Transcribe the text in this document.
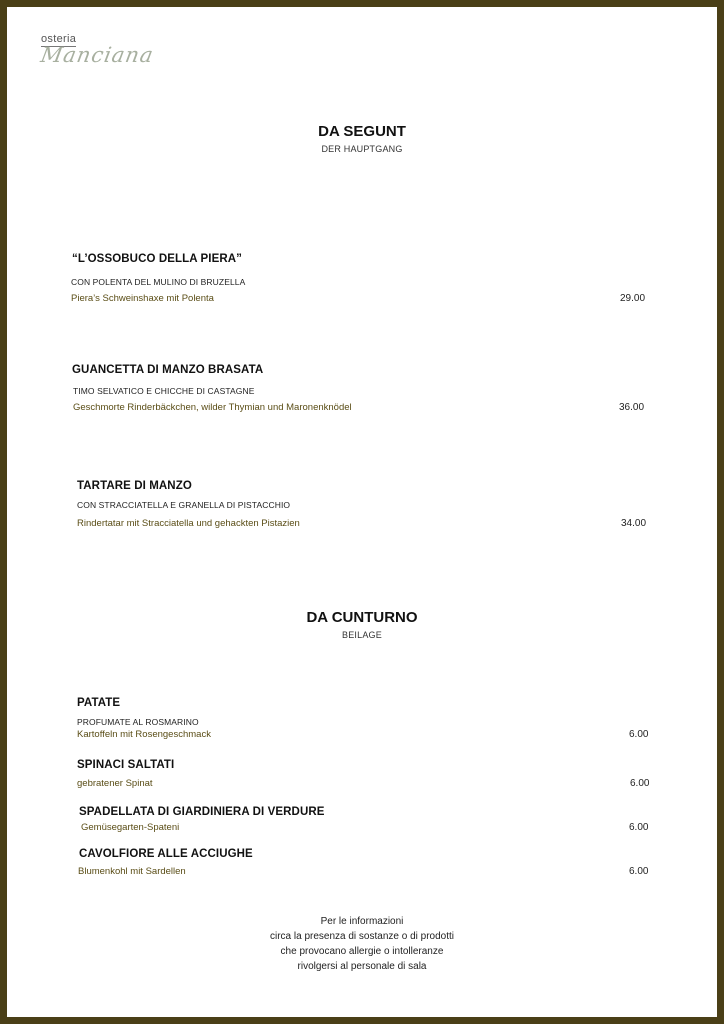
osteria
Manciana
DA SEGUNT
DER HAUPTGANG
“L’OSSOBUCO DELLA PIERA”
CON POLENTA DEL MULINO DI BRUZELLA
Piera’s Schweinshaxe mit Polenta	29.00
GUANCETTA DI MANZO BRASATA
TIMO SELVATICO E CHICCHE DI CASTAGNE
Geschmorte Rinderbäckchen, wilder Thymian und Maronenknödel	36.00
TARTARE DI MANZO
CON STRACCIATELLA E GRANELLA DI PISTACCHIO
Rindertatar mit Stracciatella und gehackten Pistazien	34.00
DA CUNTURNO
BEILAGE
PATATE
PROFUMATE AL ROSMARINO
Kartoffeln mit Rosengeschmack	6.00
SPINACI SALTATI
gebratener Spinat	6.00
SPADELLATA DI GIARDINIERA DI VERDURE
Gemüsegarten-Spateni	6.00
CAVOLFIORE ALLE ACCIUGHE
Blumenkohl mit Sardellen	6.00
Per le informazioni
circa la presenza di sostanze o di prodotti
che provocano allergie o intolleranze
rivolgersi al personale di sala
